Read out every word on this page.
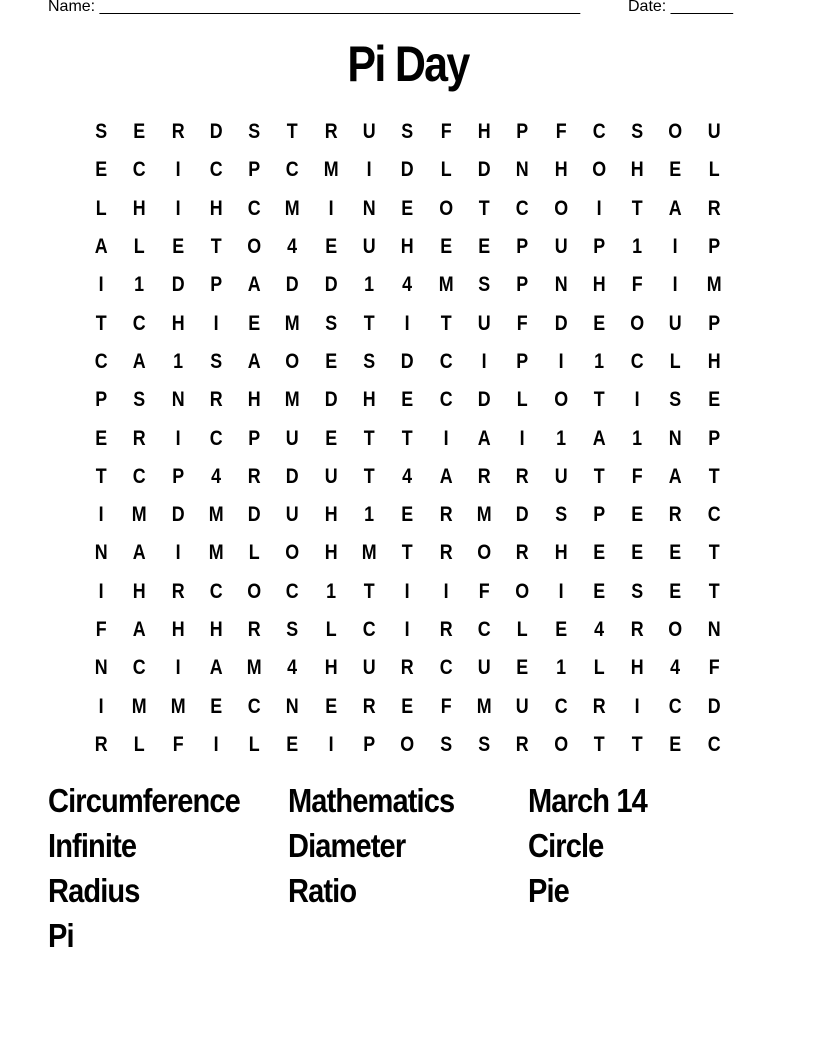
Name: ______________________________________________________	Date: _______
Pi Day
S	E	R	D	S	T	R	U	S	F	H	P	F	C	S	O	U
E	C	I	C	P	C	M	I	D	L	D	N	H	O	H	E	L
L	H	I	H	C	M	I	N	E	O	T	C	O	I	T	A	R
A	L	E	T	O	4	E	U	H	E	E	P	U	P	1	I	P
I	1	D	P	A	D	D	1	4	M	S	P	N	H	F	I	M
T	C	H	I	E	M	S	T	I	T	U	F	D	E	O	U	P
C	A	1	S	A	O	E	S	D	C	I	P	I	1	C	L	H
P	S	N	R	H	M	D	H	E	C	D	L	O	T	I	S	E
E	R	I	C	P	U	E	T	T	I	A	I	1	A	1	N	P
T	C	P	4	R	D	U	T	4	A	R	R	U	T	F	A	T
I	M	D	M	D	U	H	1	E	R	M	D	S	P	E	R	C
N	A	I	M	L	O	H	M	T	R	O	R	H	E	E	E	T
I	H	R	C	O	C	1	T	I	I	F	O	I	E	S	E	T
F	A	H	H	R	S	L	C	I	R	C	L	E	4	R	O	N
N	C	I	A	M	4	H	U	R	C	U	E	1	L	H	4	F
I	M	M	E	C	N	E	R	E	F	M	U	C	R	I	C	D
R	L	F	I	L	E	I	P	O	S	S	R	O	T	T	E	C
Circumference	Mathematics	March 14
Infinite	Diameter	Circle
Radius	Ratio	Pie
Pi
